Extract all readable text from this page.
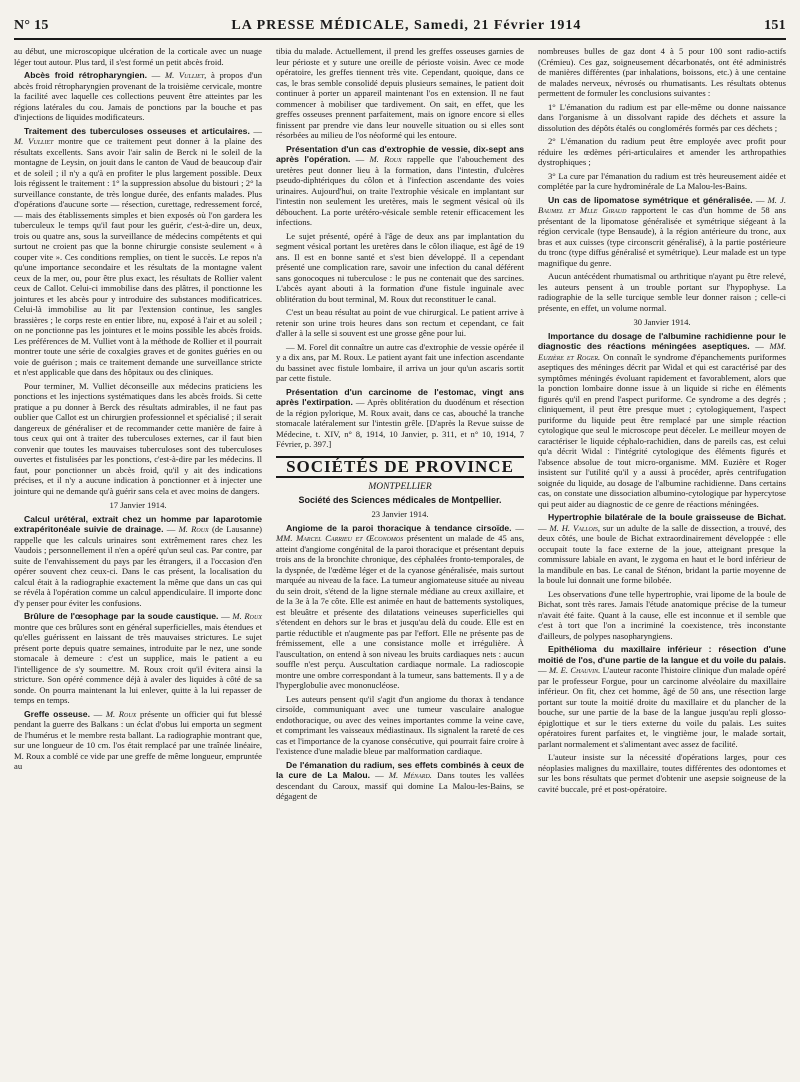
N° 15	LA PRESSE MÉDICALE, Samedi, 21 Février 1914	151

au début, une microscopique ulcération de la corticale avec un nuage léger tout autour. Plus tard, il s'est formé un petit abcès froid.

Abcès froid rétropharyngien. — M. Vulliet, à propos d'un abcès froid rétropharyngien provenant de la troisième cervicale, montre la facilité avec laquelle ces collections peuvent être atteintes par les régions latérales du cou. Jamais de ponctions par la bouche et pas d'injections de liquides modificateurs.

Traitement des tuberculoses osseuses et articulaires. — M. Vulliet montre que ce traitement peut donner à la plaine des résultats excellents. Sans avoir l'air salin de Berck ni le soleil de la montagne de Leysin, on jouit dans le canton de Vaud de beaucoup d'air et de soleil ; il n'y a qu'à en profiter le plus largement possible. Deux lois régissent le traitement : 1° la suppression absolue du bistouri ; 2° la surveillance constante, de très longue durée, des enfants malades. Plus d'opérations d'aucune sorte — résection, curettage, redressement forcé, — mais des établissements simples et bien exposés où l'on gardera les tuberculeux le temps qu'il faut pour les guérir, c'est-à-dire un, deux, trois ou quatre ans, sous la surveillance de médecins compétents et qui surtout ne croient pas que la bonne chirurgie consiste seulement « à couper vite ». Ces conditions remplies, on tient le succès. Le repos n'a qu'une importance secondaire et les résultats de la montagne valent ceux de la mer, ou, pour être plus exact, les résultats de Rollier valent ceux de Callot. Celui-ci immobilise dans des plâtres, il ponctionne les jointures et les abcès pour y introduire des substances modificatrices. Celui-là immobilise au lit par l'extension continue, les sangles brassières ; le corps reste en entier libre, nu, exposé à l'air et au soleil ; on ne ponctionne pas les jointures et le moins possible les abcès froids. Les préférences de M. Vulliet vont à la méthode de Rollier et il pourrait montrer toute une série de coxalgies graves et de gonites guéries en ou voie de guérison ; mais ce traitement demande une surveillance stricte et n'est applicable que dans des hôpitaux ou des cliniques.

Pour terminer, M. Vulliet déconseille aux médecins praticiens les ponctions et les injections systématiques dans les abcès froids. Si cette pratique a pu donner à Berck des résultats admirables, il ne faut pas oublier que Callot est un chirurgien professionnel et spécialisé ; il serait dangereux de généraliser et de recommander cette manière de faire à tous ceux qui ont à traiter des tuberculoses externes, car il faut bien convenir que toutes les mauvaises tuberculoses sont des tuberculoses ouvertes et fistulisées par les ponctions, c'est-à-dire par les médecins. Il faut, pour ponctionner un abcès froid, qu'il y ait des indications précises, et il n'y a aucune indication à ponctionner et à injecter une jointure qui ne demande qu'à guérir sans cela et avec moins de dangers.

17 Janvier 1914.

Calcul urétéral, extrait chez un homme par laparotomie extrapéritonéale suivie de drainage. — M. Roux (de Lausanne) rappelle que les calculs urinaires sont extrêmement rares chez les Vaudois ; personnellement il n'en a opéré qu'un seul cas. Par contre, par suite de l'envahissement du pays par les étrangers, il a l'occasion d'en opérer souvent chez ceux-ci. Dans le cas présent, la localisation du calcul était à la radiographie exactement la même que dans un cas qui se révéla à l'opération comme un calcul appendiculaire. Il importe donc d'y penser pour éviter les confusions.

Brûlure de l'œsophage par la soude caustique. — M. Roux montre que ces brûlures sont en général superficielles, mais étendues et qu'elles guérissent en laissant de très mauvaises strictures. Le sujet présent porte depuis quatre semaines, introduite par le nez, une sonde stomacale à demeure : c'est un supplice, mais le patient a eu l'intelligence de s'y soumettre. M. Roux croit qu'il évitera ainsi la stricture. Son opéré commence déjà à avaler des liquides à côté de sa sonde. On pourra maintenant la lui enlever, quitte à la lui repasser de temps en temps.

Greffe osseuse. — M. Roux présente un officier qui fut blessé pendant la guerre des Balkans : un éclat d'obus lui emporta un segment de l'humérus et le membre resta ballant. La radiographie montrant que, sur une longueur de 10 cm. l'os était remplacé par une traînée linéaire, M. Roux a comblé ce vide par une greffe de même longueur, empruntée au

tibia du malade. Actuellement, il prend les greffes osseuses garnies de leur périoste et y suture une oreille de périoste voisin. Avec ce mode opératoire, les greffes tiennent très vite. Cependant, quoique, dans ce cas, le bras semble consolidé depuis plusieurs semaines, le patient doit continuer à porter un appareil maintenant l'os en extension. Il ne faut commencer à mobiliser que tardivement. On sait, en effet, que les greffes osseuses prennent parfaitement, mais on ignore encore si elles finissent par prendre vie dans leur nouvelle situation ou si elles sont résorbées au milieu de l'os néoformé qui les entoure.

Présentation d'un cas d'extrophie de vessie, dix-sept ans après l'opération. — M. Roux rappelle que l'abouchement des uretères peut donner lieu à la formation, dans l'intestin, d'ulcères pseudo-diphtériques du côlon et à l'infection ascendante des voies urinaires. Aujourd'hui, on traite l'extrophie vésicale en implantant sur l'intestin non seulement les uretères, mais le segment vésical où ils débouchent. La porte urétéro-vésicale semble retenir efficacement les infections.

Le sujet présenté, opéré à l'âge de deux ans par implantation du segment vésical portant les uretères dans le côlon iliaque, est âgé de 19 ans. Il est en bonne santé et s'est bien développé. Il a cependant présenté une complication rare, savoir une infection du canal déférent sans gonocoques ni tuberculose : le pus ne contenait que des sarcines. L'abcès ayant abouti à la formation d'une fistule inguinale avec oblitération du bout terminal, M. Roux dut reconstituer le canal.

C'est un beau résultat au point de vue chirurgical. Le patient arrive à retenir son urine trois heures dans son rectum et cependant, ce fait d'aller à la selle si souvent est une grosse gêne pour lui.

— M. Forel dit connaître un autre cas d'extrophie de vessie opérée il y a dix ans, par M. Roux. Le patient ayant fait une infection ascendante du bassinet avec fistule lombaire, il arriva un jour qu'un ascaris sortit par cette fistule.

Présentation d'un carcinome de l'estomac, vingt ans après l'extirpation. — Après oblitération du duodénum et résection de la région pylorique, M. Roux avait, dans ce cas, abouché la tranche stomacale latéralement sur l'intestin grêle. [D'après la Revue suisse de Médecine, t. XIV, n° 8, 1914, 10 Janvier, p. 311, et n° 10, 1914, 7 Février, p. 397.]

SOCIÉTÉS DE PROVINCE
MONTPELLIER
Société des Sciences médicales de Montpellier.
23 Janvier 1914.

Angiome de la paroi thoracique à tendance cirsoïde. — MM. Marcel Carrieu et Œconomos présentent un malade de 45 ans, atteint d'angiome congénital de la paroi thoracique et présentant depuis trois ans de la bronchite chronique, des céphalées fronto-temporales, de la dyspnée, de l'œdème léger et de la cyanose généralisée, mais surtout marquée au niveau de la face. La tumeur angiomateuse située au niveau du sein droit, s'étend de la ligne sternale médiane au creux axillaire, et de la 3e à la 7e côte. Elle est animée en haut de battements systoliques, est bleuâtre et présente des dilatations veineuses superficielles qui s'étendent en dehors sur le bras et jusqu'au delà du coude. Elle est en partie réductible et n'augmente pas par l'effort. Elle ne présente pas de frémissement, elle a une consistance molle et irrégulière. À l'auscultation, on entend à son niveau les bruits cardiaques nets : aucun souffle n'est perçu. Auscultation cardiaque normale. La radioscopie montre une ombre correspondant à la tumeur, sans battements. Il y a de l'hyperglobulie avec mononucléose.

Les auteurs pensent qu'il s'agit d'un angiome du thorax à tendance cirsoïde, communiquant avec une tumeur vasculaire analogue endothoracique, ou avec des veines importantes comme la veine cave, et comprimant les vaisseaux médiastinaux. Ils signalent la rareté de ces cas et l'importance de la cyanose consécutive, qui pourrait faire croire à l'existence d'une maladie bleue par malformation cardiaque.

De l'émanation du radium, ses effets combinés à ceux de la cure de La Malou. — M. Ménard. Dans toutes les vallées descendant du Caroux, massif qui domine La Malou-les-Bains, se dégagent de

nombreuses bulles de gaz dont 4 à 5 pour 100 sont radio-actifs (Crémieu). Ces gaz, soigneusement décarbonatés, ont été administrés de manières différentes (par inhalations, boissons, etc.) à une centaine de malades nerveux, névrosés ou rhumatisants. Les résultats obtenus permettent de formuler les conclusions suivantes :

1° L'émanation du radium est par elle-même ou donne naissance dans l'organisme à un dissolvant rapide des déchets et assure la dissolution des dépôts étalés ou conglomérés formés par ces déchets ;

2° L'émanation du radium peut être employée avec profit pour réduire les œdèmes péri-articulaires et amender les arthropathies dystrophiques ;

3° La cure par l'émanation du radium est très heureusement aidée et complétée par la cure hydrominérale de La Malou-les-Bains.

Un cas de lipomatose symétrique et généralisée. — M. J. Baumel et Mlle Giraud rapportent le cas d'un homme de 58 ans présentant de la lipomatose généralisée et symétrique siégeant à la région cervicale (type Bensaude), à la région antérieure du tronc, aux bras et aux cuisses (type circonscrit généralisé), à la partie postérieure du tronc (type diffus généralisé et symétrique). Leur malade est un type magnifique du genre.

Aucun antécédent rhumatismal ou arthritique n'ayant pu être relevé, les auteurs pensent à un trouble portant sur l'hypophyse. La radiographie de la selle turcique semble leur donner raison ; celle-ci présente, en effet, un volume normal.

30 Janvier 1914.

Importance du dosage de l'albumine rachidienne pour le diagnostic des réactions méningées aseptiques. — MM. Euzière et Roger. On connaît le syndrome d'épanchements puriformes aseptiques des méninges décrit par Widal et qui est caractérisé par des symptômes méningés évoluant rapidement et favorablement, alors que la ponction lombaire donne issue à un liquide si riche en éléments figurés qu'il en prend l'aspect puriforme. Ce syndrome a des degrés ; cliniquement, il peut être presque muet ; cytologiquement, l'aspect puriforme du liquide peut être remplacé par une simple réaction cytologique que seul le microscope peut déceler. Le meilleur moyen de caractériser le liquide céphalo-rachidien, dans de pareils cas, est celui qu'a décrit Widal : l'intégrité cytologique des éléments figurés et l'absence absolue de tout micro-organisme. MM. Euzière et Roger insistent sur l'utilité qu'il y a aussi à procéder, après centrifugation soignée du liquide, au dosage de l'albumine rachidienne. Dans certains cas, on constate une dissociation albumino-cytologique par hypercytose qui peut aider au diagnostic de ce genre de réactions méningées.

Hypertrophie bilatérale de la boule graisseuse de Bichat. — M. H. Vallois, sur un adulte de la salle de dissection, a trouvé, des deux côtés, une boule de Bichat extraordinairement développée : elle occupait toute la face externe de la joue, atteignant presque la commissure labiale en avant, le zygoma en haut et le bord inférieur de la mandibule en bas. Le canal de Sténon, bridant la partie moyenne de la boule lui donnait une forme bilobée.

Les observations d'une telle hypertrophie, vrai lipome de la boule de Bichat, sont très rares. Jamais l'étude anatomique précise de la tumeur n'avait été faite. Quant à la cause, elle est inconnue et il semble que c'est à tort que l'on a incriminé la coexistence, très inconstante d'ailleurs, de polypes nasopharyngiens.

Epithélioma du maxillaire inférieur : résection d'une moitié de l'os, d'une partie de la langue et du voile du palais. — M. E. Chauvin. L'auteur raconte l'histoire clinique d'un malade opéré par le professeur Forgue, pour un carcinome alvéolaire du maxillaire inférieur. On fit, chez cet homme, âgé de 50 ans, une résection large portant sur toute la moitié droite du maxillaire et du plancher de la bouche, sur une partie de la base de la langue jusqu'au repli glosso-épiglottique et sur le tiers externe du voile du palais. Les suites opératoires furent parfaites et, le vingtième jour, le malade sortait, parlant normalement et s'alimentant avec assez de facilité.

L'auteur insiste sur la nécessité d'opérations larges, pour ces néoplasies malignes du maxillaire, toutes différentes des odontomes et sur les bons résultats que permet d'obtenir une asepsie soigneuse de la cavité buccale, pré et post-opératoire.
